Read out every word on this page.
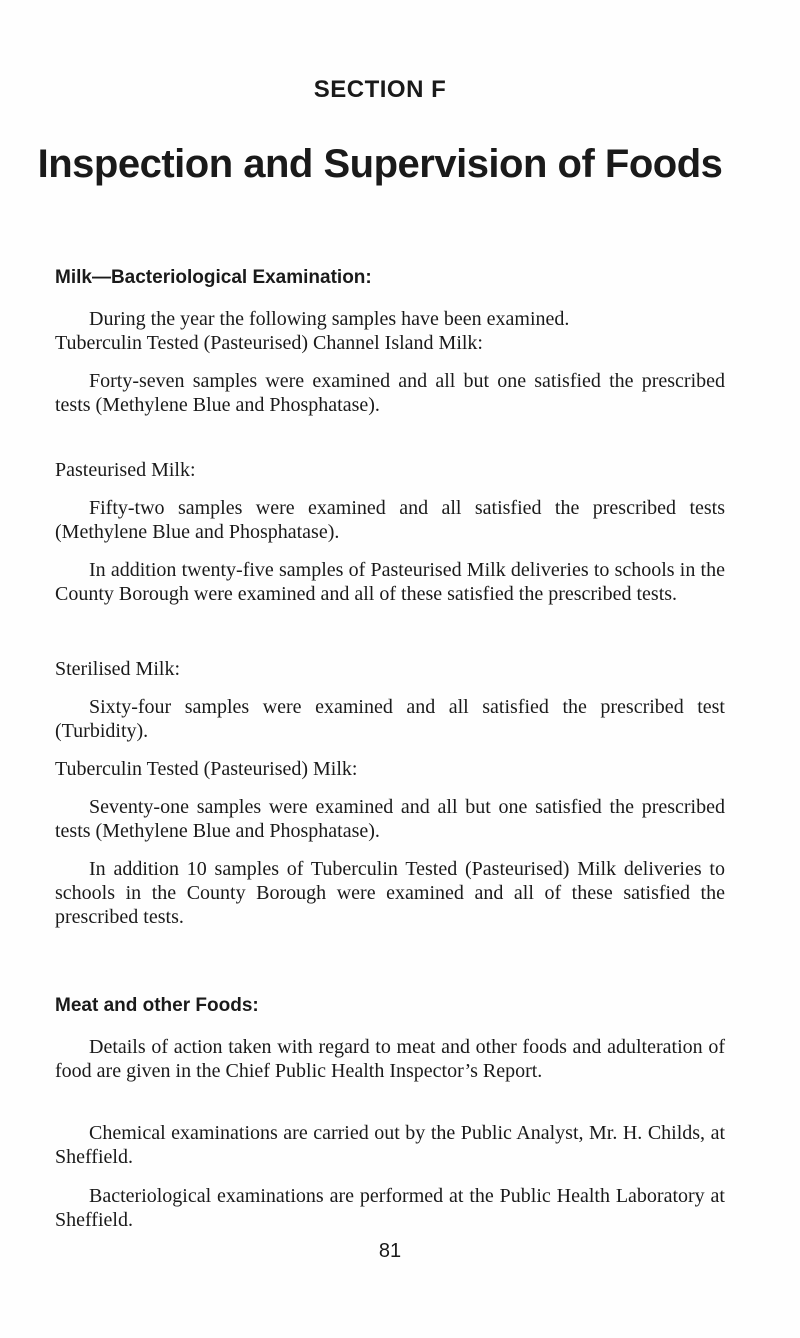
SECTION F
Inspection and Supervision of Foods
Milk—Bacteriological Examination:

During the year the following samples have been examined.

Tuberculin Tested (Pasteurised) Channel Island Milk:

Forty-seven samples were examined and all but one satisfied the prescribed tests (Methylene Blue and Phosphatase).

Pasteurised Milk:

Fifty-two samples were examined and all satisfied the prescribed tests (Methylene Blue and Phosphatase).

In addition twenty-five samples of Pasteurised Milk deliveries to schools in the County Borough were examined and all of these satisfied the prescribed tests.

Sterilised Milk:

Sixty-four samples were examined and all satisfied the prescribed test (Turbidity).

Tuberculin Tested (Pasteurised) Milk:

Seventy-one samples were examined and all but one satisfied the prescribed tests (Methylene Blue and Phosphatase).

In addition 10 samples of Tuberculin Tested (Pasteurised) Milk deliveries to schools in the County Borough were examined and all of these satisfied the prescribed tests.

Meat and other Foods:

Details of action taken with regard to meat and other foods and adulteration of food are given in the Chief Public Health Inspector’s Report.

Chemical examinations are carried out by the Public Analyst, Mr. H. Childs, at Sheffield.

Bacteriological examinations are performed at the Public Health Laboratory at Sheffield.

81
